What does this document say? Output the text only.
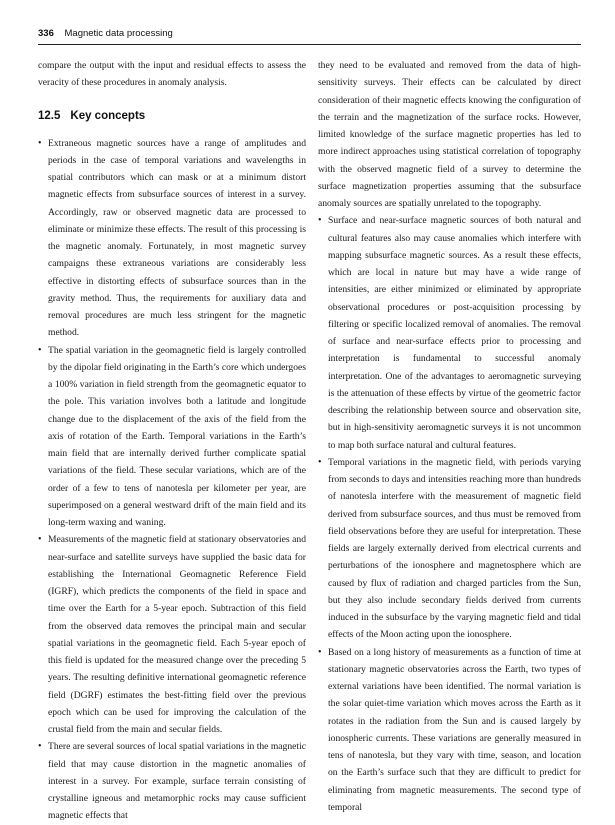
336 Magnetic data processing

compare the output with the input and residual effects to assess the veracity of these procedures in anomaly analysis.

12.5 Key concepts
• Extraneous magnetic sources have a range of amplitudes and periods in the case of temporal variations and wavelengths in spatial contributors which can mask or at a minimum distort magnetic effects from subsurface sources of interest in a survey. Accordingly, raw or observed magnetic data are processed to eliminate or minimize these effects. The result of this processing is the magnetic anomaly. Fortunately, in most magnetic survey campaigns these extraneous variations are considerably less effective in distorting effects of subsurface sources than in the gravity method. Thus, the requirements for auxiliary data and removal procedures are much less stringent for the magnetic method.
• The spatial variation in the geomagnetic field is largely controlled by the dipolar field originating in the Earth’s core which undergoes a 100% variation in field strength from the geomagnetic equator to the pole. This variation involves both a latitude and longitude change due to the displacement of the axis of the field from the axis of rotation of the Earth. Temporal variations in the Earth’s main field that are internally derived further complicate spatial variations of the field. These secular variations, which are of the order of a few to tens of nanotesla per kilometer per year, are superimposed on a general westward drift of the main field and its long-term waxing and waning.
• Measurements of the magnetic field at stationary observatories and near-surface and satellite surveys have supplied the basic data for establishing the International Geomagnetic Reference Field (IGRF), which predicts the components of the field in space and time over the Earth for a 5-year epoch. Subtraction of this field from the observed data removes the principal main and secular spatial variations in the geomagnetic field. Each 5-year epoch of this field is updated for the measured change over the preceding 5 years. The resulting definitive international geomagnetic reference field (DGRF) estimates the best-fitting field over the previous epoch which can be used for improving the calculation of the crustal field from the main and secular fields.
• There are several sources of local spatial variations in the magnetic field that may cause distortion in the magnetic anomalies of interest in a survey. For example, surface terrain consisting of crystalline igneous and metamorphic rocks may cause sufficient magnetic effects that

they need to be evaluated and removed from the data of high-sensitivity surveys. Their effects can be calculated by direct consideration of their magnetic effects knowing the configuration of the terrain and the magnetization of the surface rocks. However, limited knowledge of the surface magnetic properties has led to more indirect approaches using statistical correlation of topography with the observed magnetic field of a survey to determine the surface magnetization properties assuming that the subsurface anomaly sources are spatially unrelated to the topography.

• Surface and near-surface magnetic sources of both natural and cultural features also may cause anomalies which interfere with mapping subsurface magnetic sources. As a result these effects, which are local in nature but may have a wide range of intensities, are either minimized or eliminated by appropriate observational procedures or post-acquisition processing by filtering or specific localized removal of anomalies. The removal of surface and near-surface effects prior to processing and interpretation is fundamental to successful anomaly interpretation. One of the advantages to aeromagnetic surveying is the attenuation of these effects by virtue of the geometric factor describing the relationship between source and observation site, but in high-sensitivity aeromagnetic surveys it is not uncommon to map both surface natural and cultural features.
• Temporal variations in the magnetic field, with periods varying from seconds to days and intensities reaching more than hundreds of nanotesla interfere with the measurement of magnetic field derived from subsurface sources, and thus must be removed from field observations before they are useful for interpretation. These fields are largely externally derived from electrical currents and perturbations of the ionosphere and magnetosphere which are caused by flux of radiation and charged particles from the Sun, but they also include secondary fields derived from currents induced in the subsurface by the varying magnetic field and tidal effects of the Moon acting upon the ionosphere.
• Based on a long history of measurements as a function of time at stationary magnetic observatories across the Earth, two types of external variations have been identified. The normal variation is the solar quiet-time variation which moves across the Earth as it rotates in the radiation from the Sun and is caused largely by ionospheric currents. These variations are generally measured in tens of nanotesla, but they vary with time, season, and location on the Earth’s surface such that they are difficult to predict for eliminating from magnetic measurements. The second type of temporal
